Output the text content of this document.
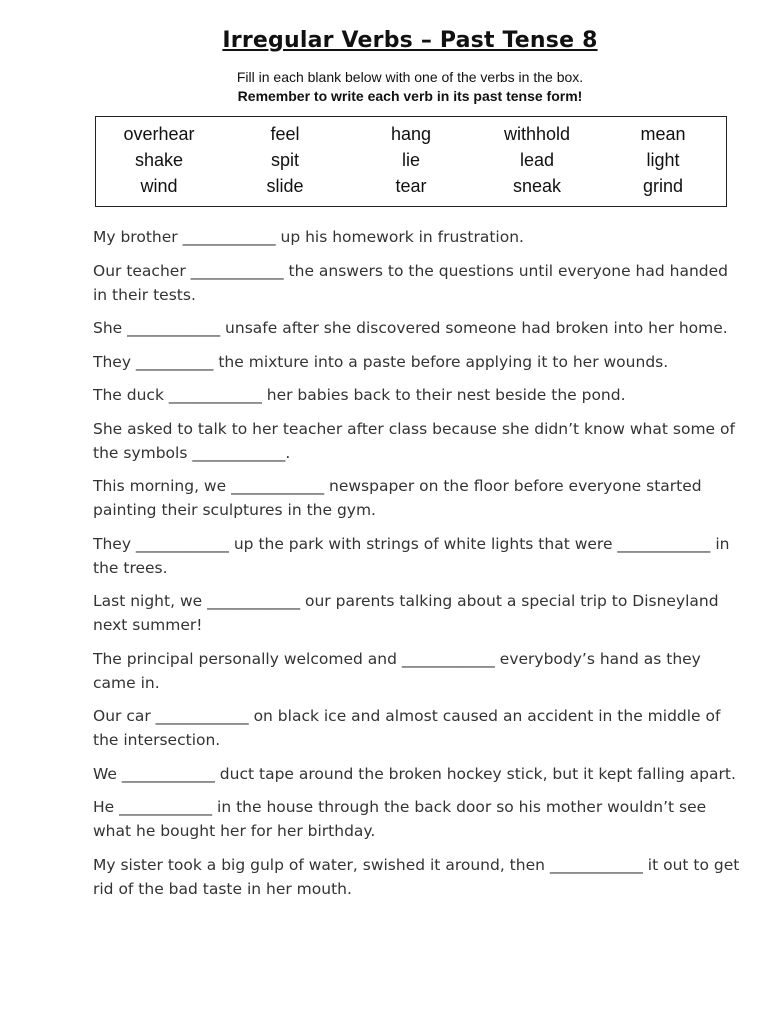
Irregular Verbs – Past Tense 8
Fill in each blank below with one of the verbs in the box.
Remember to write each verb in its past tense form!
overhear	feel	hang	withhold	mean
shake	spit	lie	lead	light
wind	slide	tear	sneak	grind

My brother ____________ up his homework in frustration.

Our teacher ____________ the answers to the questions until everyone had handed in their tests.

She ____________ unsafe after she discovered someone had broken into her home.

They __________ the mixture into a paste before applying it to her wounds.

The duck ____________ her babies back to their nest beside the pond.

She asked to talk to her teacher after class because she didn’t know what some of the symbols ____________.

This morning, we ____________ newspaper on the floor before everyone started painting their sculptures in the gym.

They ____________ up the park with strings of white lights that were ____________ in the trees.

Last night, we ____________ our parents talking about a special trip to Disneyland next summer!

The principal personally welcomed and ____________ everybody’s hand as they came in.

Our car ____________ on black ice and almost caused an accident in the middle of the intersection.

We ____________ duct tape around the broken hockey stick, but it kept falling apart.

He ____________ in the house through the back door so his mother wouldn’t see what he bought her for her birthday.

My sister took a big gulp of water, swished it around, then ____________ it out to get rid of the bad taste in her mouth.
